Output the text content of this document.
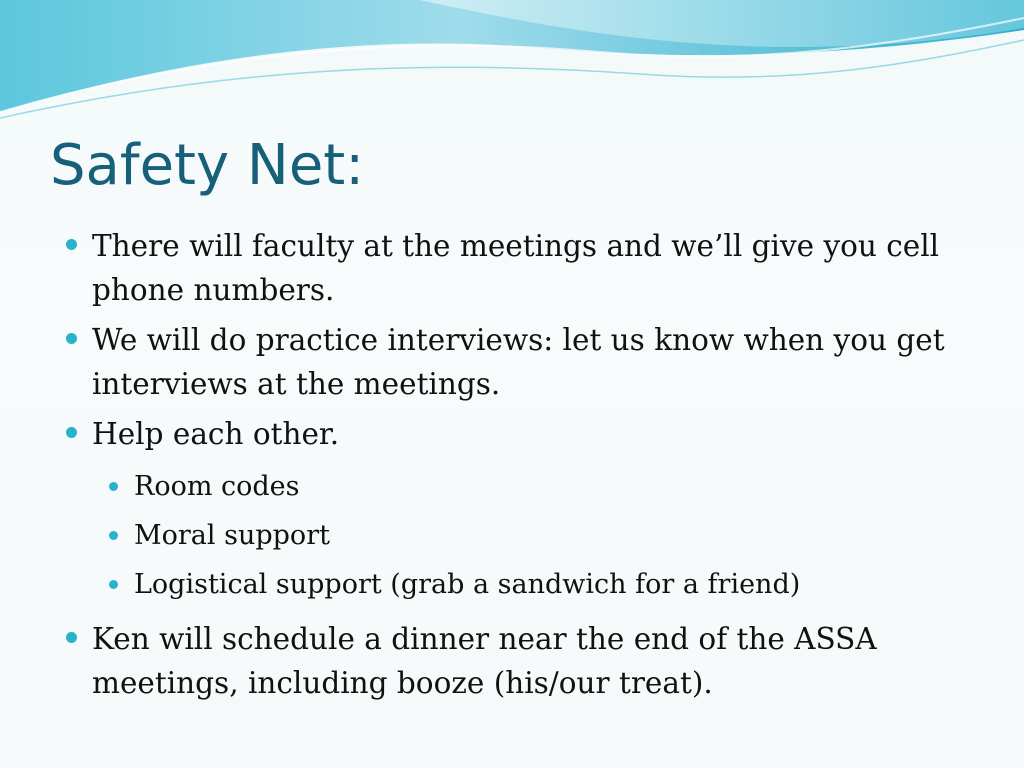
Safety Net:
There will faculty at the meetings and we’ll give you cell phone numbers.
We will do practice interviews: let us know when you get interviews at the meetings.
Help each other.
Room codes
Moral support
Logistical support (grab a sandwich for a friend)
Ken will schedule a dinner near the end of the ASSA meetings, including booze (his/our treat).
